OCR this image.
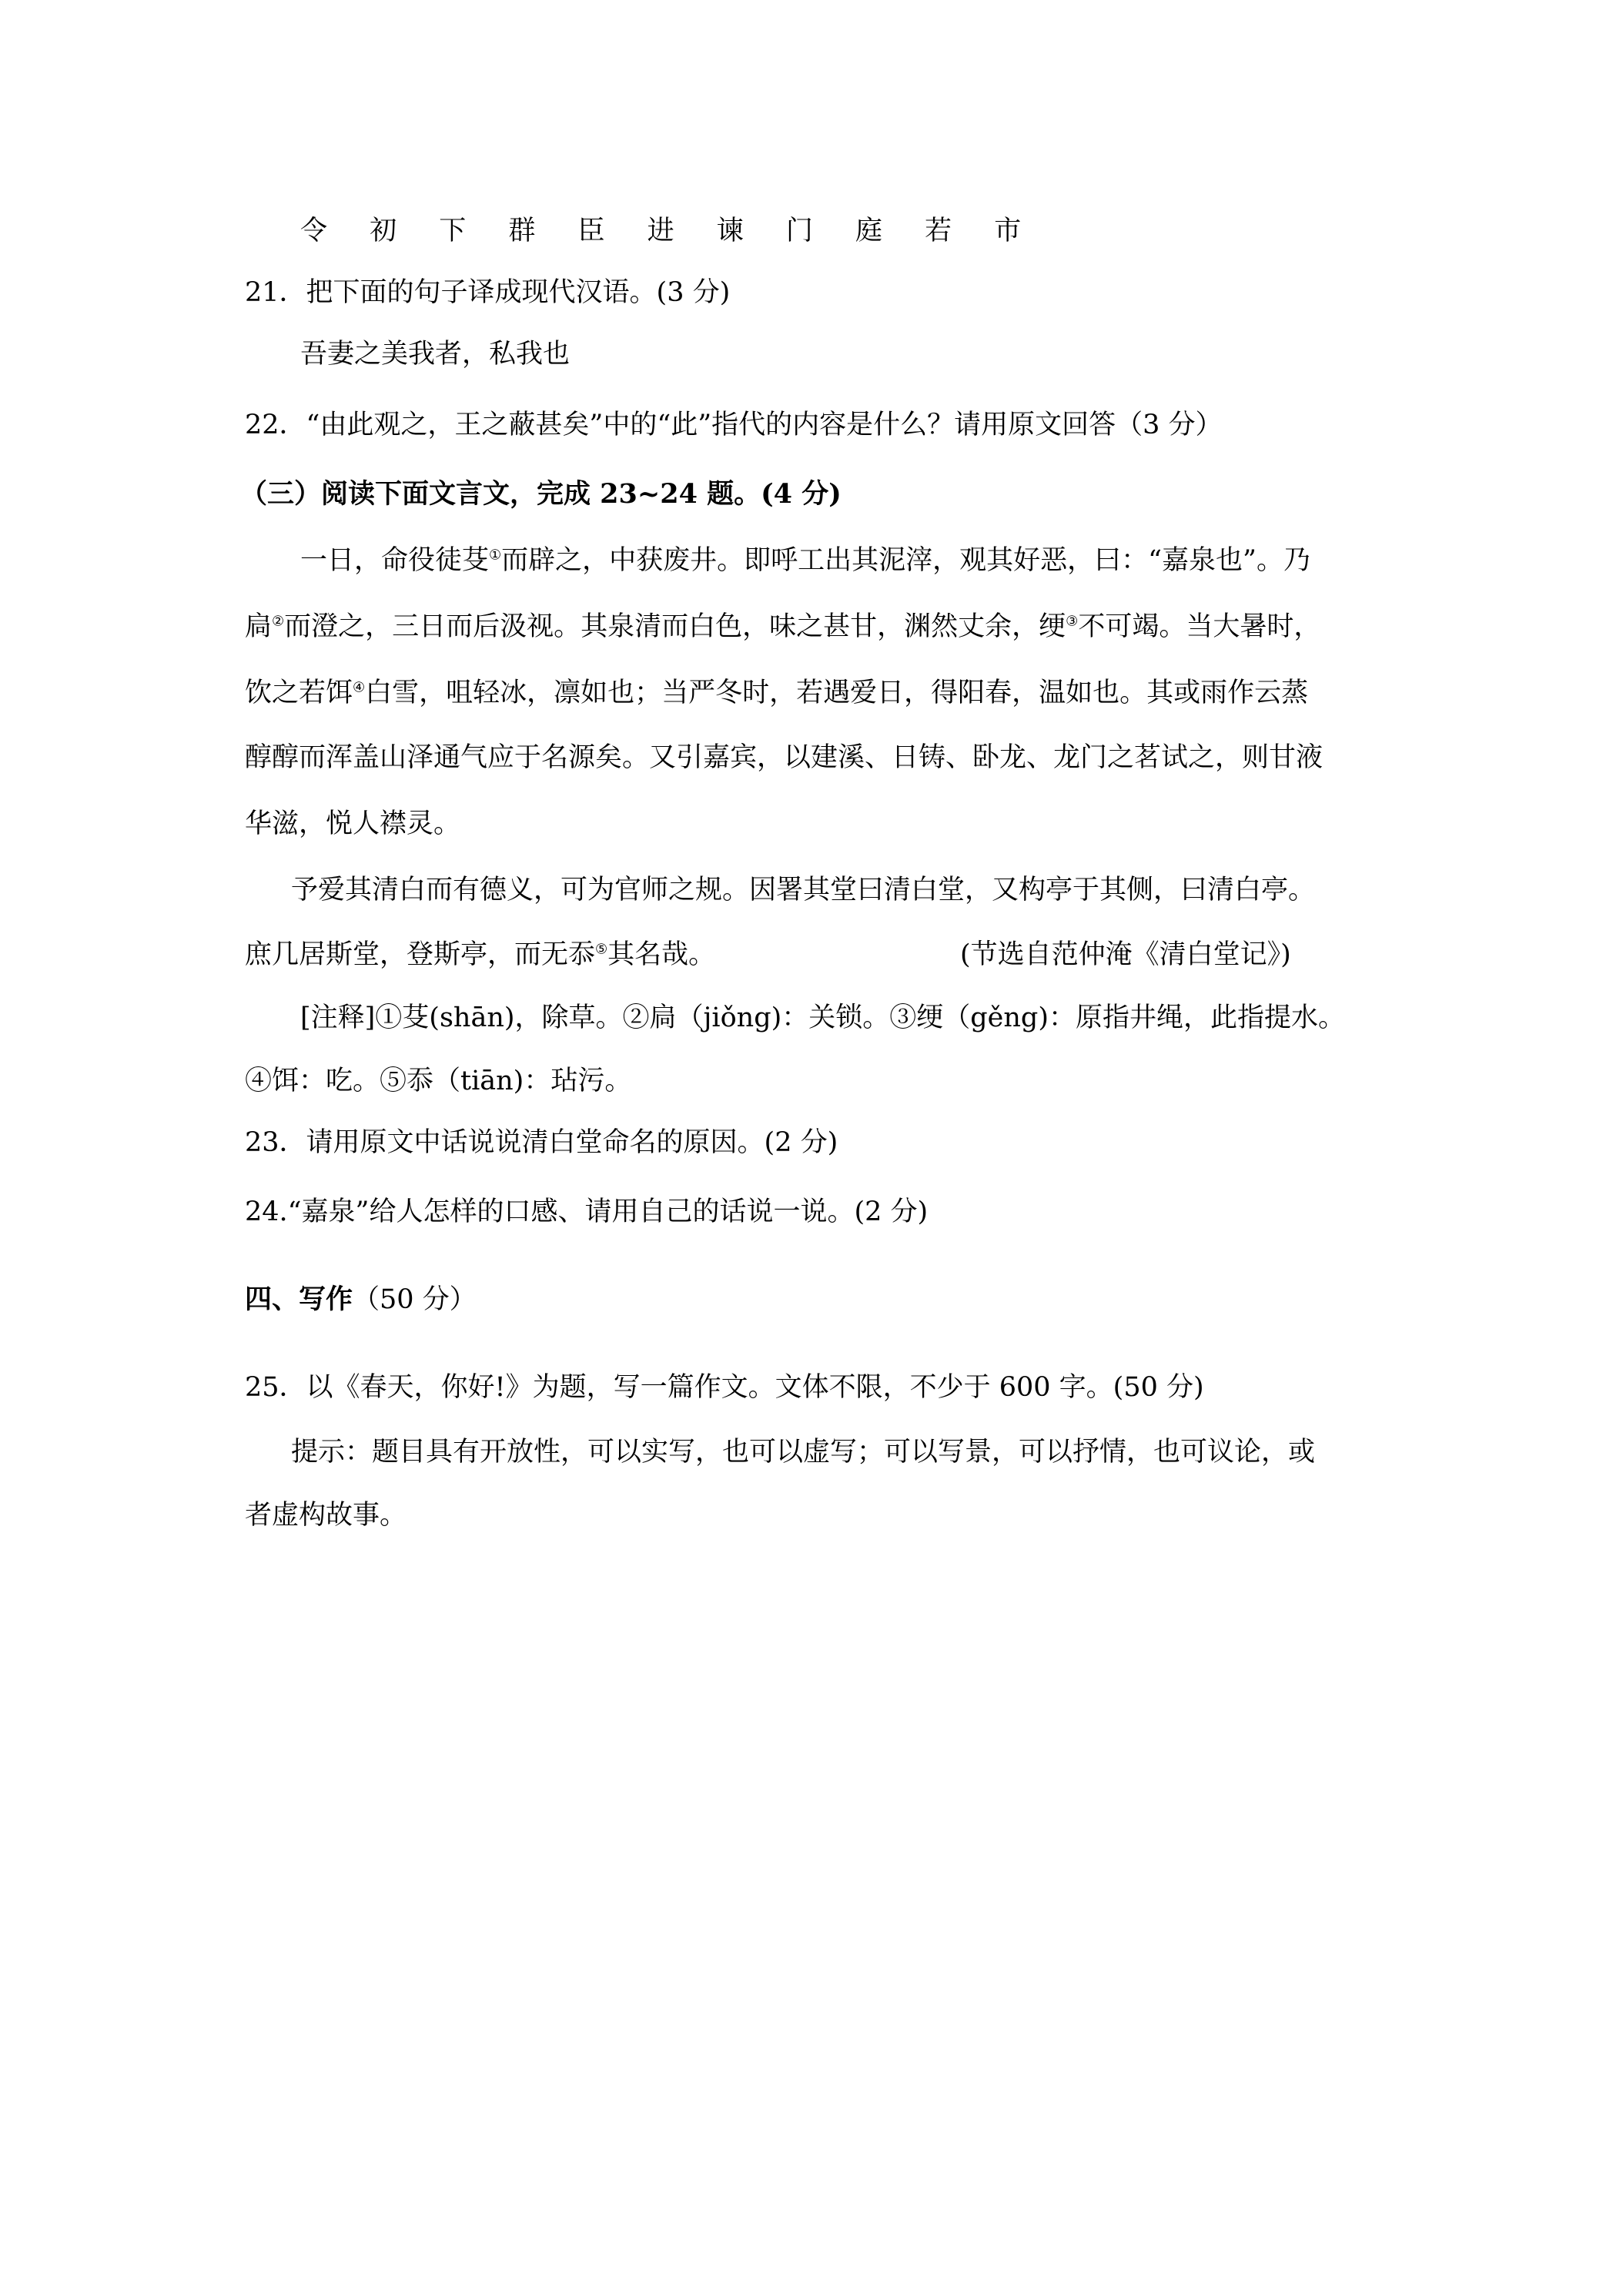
令 初 下 群 臣 进 谏 门 庭 若 市
21．把下面的句子译成现代汉语。(3 分)
吾妻之美我者，私我也
22．“由此观之，王之蔽甚矣”中的“此”指代的内容是什么？请用原文回答（3 分）
（三）阅读下面文言文，完成 23~24 题。(4 分)
一日，命役徒芟①而辟之，中获废井。即呼工出其泥滓，观其好恶，曰：“嘉泉也”。乃
扃②而澄之，三日而后汲视。其泉清而白色，味之甚甘，渊然丈余，绠③不可竭。当大暑时，
饮之若饵④白雪，咀轻冰，凛如也；当严冬时，若遇爱日，得阳春，温如也。其或雨作云蒸
醇醇而浑盖山泽通气应于名源矣。又引嘉宾，以建溪、日铸、卧龙、龙门之茗试之，则甘液
华滋，悦人襟灵。
予爱其清白而有德义，可为官师之规。因署其堂曰清白堂，又构亭于其侧，曰清白亭。
庶几居斯堂，登斯亭，而无忝⑤其名哉。	(节选自范仲淹《清白堂记》)
[注释]①芟(shān)，除草。②扃（jiǒng)：关锁。③绠（gěng)：原指井绳，此指提水。
④饵：吃。⑤忝（tiān)：玷污。
23．请用原文中话说说清白堂命名的原因。(2 分)
24.“嘉泉”给人怎样的口感、请用自己的话说一说。(2 分)
四、写作（50 分）
25．以《春天，你好!》为题，写一篇作文。文体不限，不少于 600 字。(50 分)
提示：题目具有开放性，可以实写，也可以虚写；可以写景，可以抒情，也可议论，或
者虚构故事。
